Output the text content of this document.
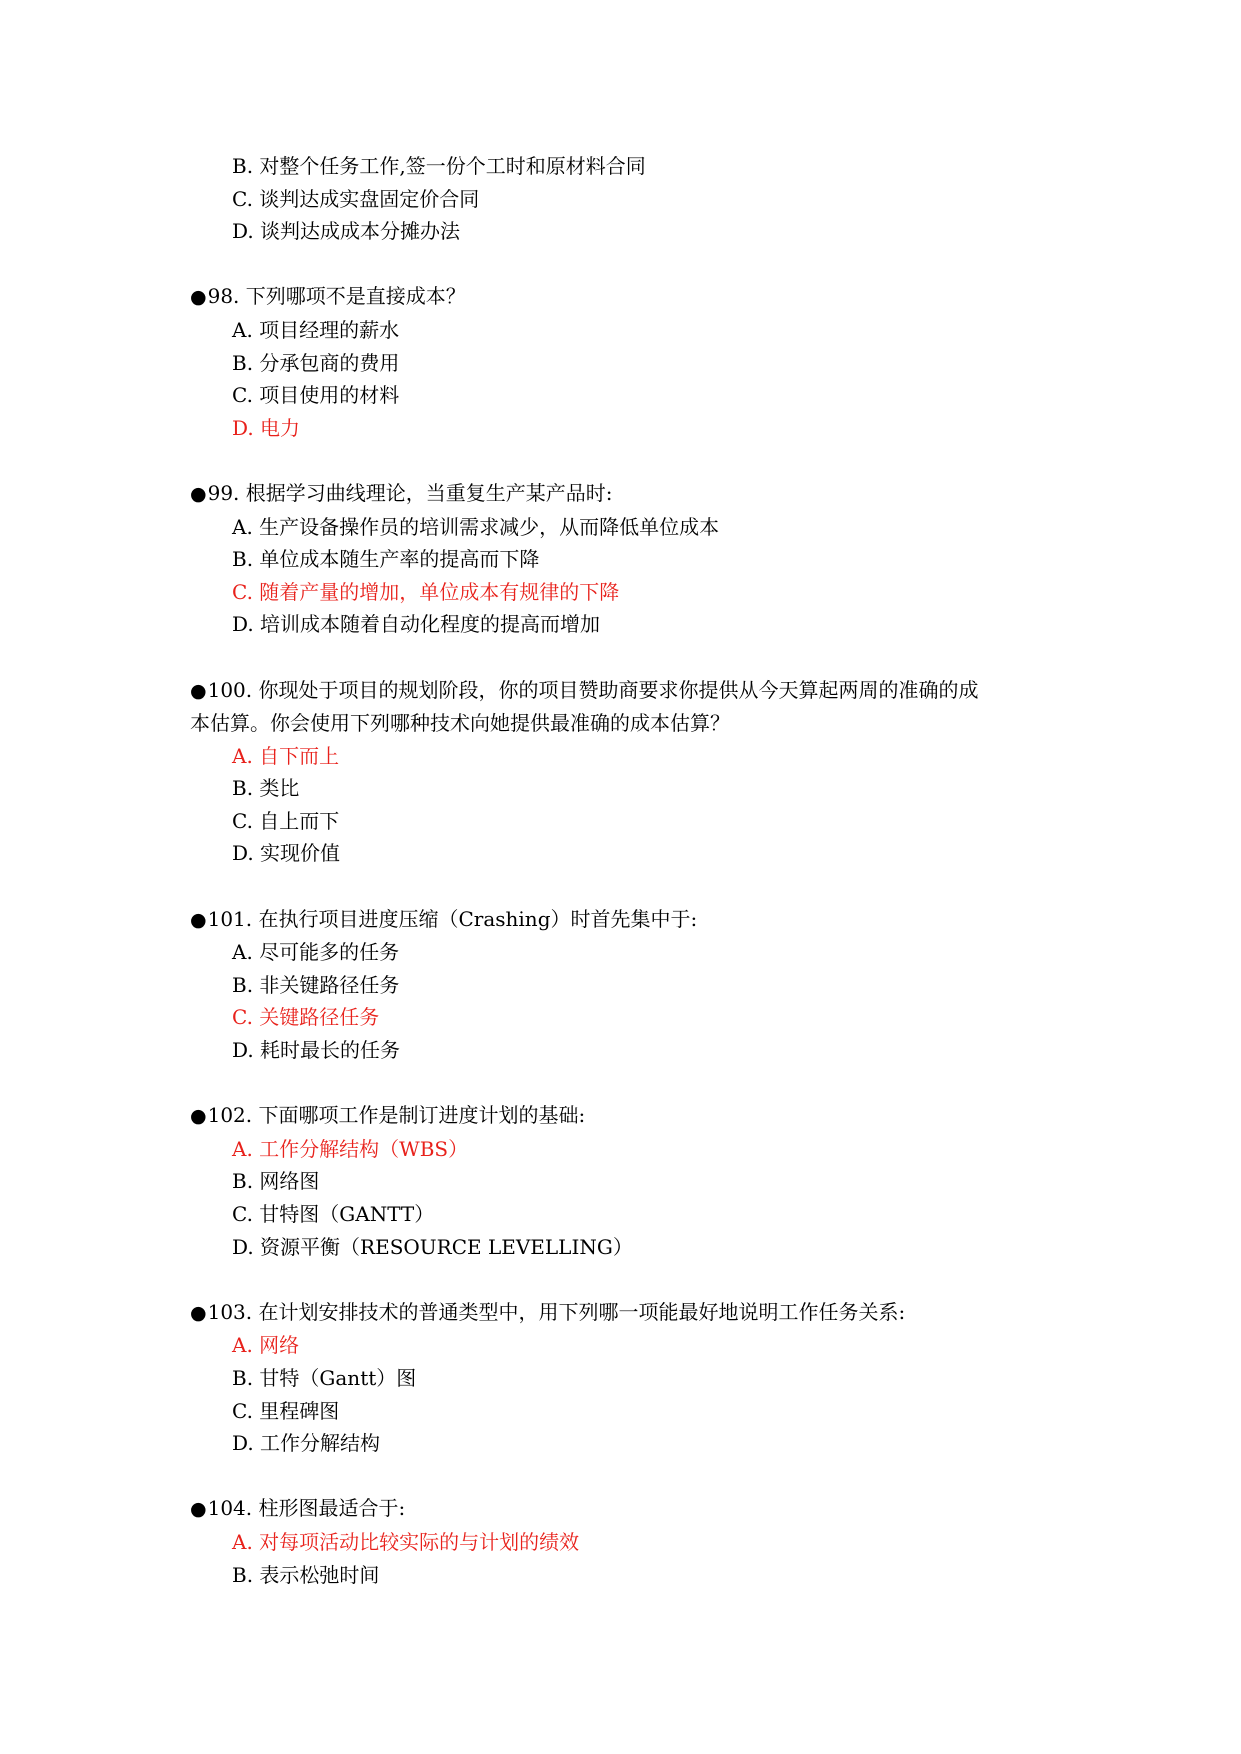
B. 对整个任务工作,签一份个工时和原材料合同
C. 谈判达成实盘固定价合同
D. 谈判达成成本分摊办法
●98. 下列哪项不是直接成本？
A. 项目经理的薪水
B. 分承包商的费用
C. 项目使用的材料
D. 电力
●99. 根据学习曲线理论，当重复生产某产品时:
A. 生产设备操作员的培训需求减少，从而降低单位成本
B. 单位成本随生产率的提高而下降
C. 随着产量的增加，单位成本有规律的下降
D. 培训成本随着自动化程度的提高而增加
●100. 你现处于项目的规划阶段，你的项目赞助商要求你提供从今天算起两周的准确的成
本估算。你会使用下列哪种技术向她提供最准确的成本估算？
A. 自下而上
B. 类比
C. 自上而下
D. 实现价值
●101. 在执行项目进度压缩（Crashing）时首先集中于:
A. 尽可能多的任务
B. 非关键路径任务
C. 关键路径任务
D. 耗时最长的任务
●102. 下面哪项工作是制订进度计划的基础:
A. 工作分解结构（WBS）
B. 网络图
C. 甘特图（GANTT）
D. 资源平衡（RESOURCE LEVELLING）
●103. 在计划安排技术的普通类型中，用下列哪一项能最好地说明工作任务关系:
A. 网络
B. 甘特（Gantt）图
C. 里程碑图
D. 工作分解结构
●104. 柱形图最适合于:
A. 对每项活动比较实际的与计划的绩效
B. 表示松弛时间
